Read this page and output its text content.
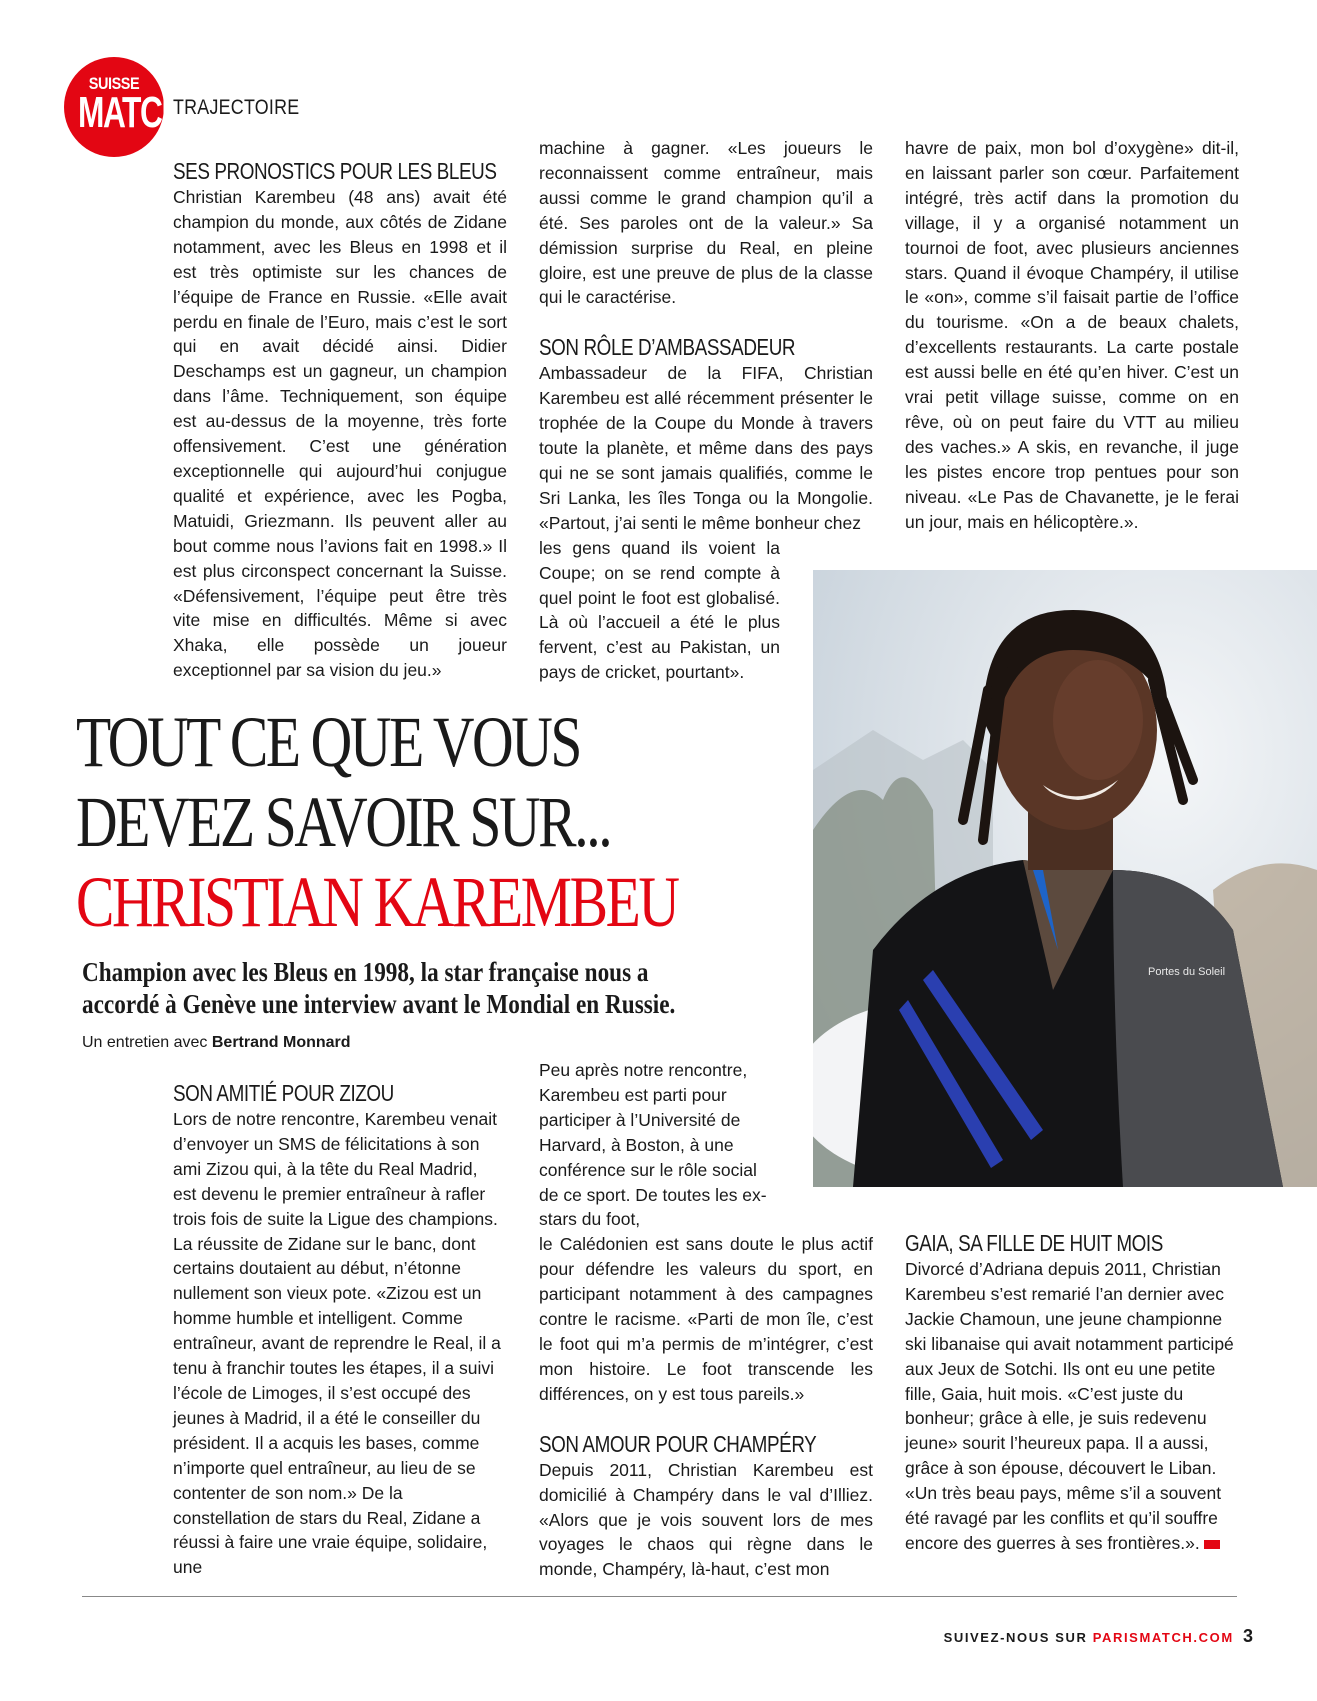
SUISSE
MATCH
TRAJECTOIRE
SES PRONOSTICS POUR LES BLEUS

Christian Karembeu (48 ans) avait été champion du monde, aux côtés de Zidane notamment, avec les Bleus en 1998 et il est très optimiste sur les chances de l’équipe de France en Russie. «Elle avait perdu en finale de l’Euro, mais c’est le sort qui en avait décidé ainsi. Didier Deschamps est un gagneur, un champion dans l’âme. Techniquement, son équipe est au-dessus de la moyenne, très forte offensivement. C’est une génération exceptionnelle qui aujourd’hui conjugue qualité et expérience, avec les Pogba, Matuidi, Griezmann. Ils peuvent aller au bout comme nous l’avions fait en 1998.» Il est plus circonspect concernant la Suisse. «Défensivement, l’équipe peut être très vite mise en difficultés. Même si avec Xhaka, elle possède un joueur exceptionnel par sa vision du jeu.»

machine à gagner. «Les joueurs le reconnaissent comme entraîneur, mais aussi comme le grand champion qu’il a été. Ses paroles ont de la valeur.» Sa démission surprise du Real, en pleine gloire, est une preuve de plus de la classe qui le caractérise.

SON RÔLE D’AMBASSADEUR

Ambassadeur de la FIFA, Christian Karembeu est allé récemment présenter le trophée de la Coupe du Monde à travers toute la planète, et même dans des pays qui ne se sont jamais qualifiés, comme le Sri Lanka, les îles Tonga ou la Mongolie. «Partout, j’ai senti le même bonheur chez

les gens quand ils voient la Coupe; on se rend compte à quel point le foot est globalisé. Là où l’accueil a été le plus fervent, c’est au Pakistan, un pays de cricket, pourtant».

havre de paix, mon bol d’oxygène» dit-il, en laissant parler son cœur. Parfaitement intégré, très actif dans la promotion du village, il y a organisé notamment un tournoi de foot, avec plusieurs anciennes stars. Quand il évoque Champéry, il utilise le «on», comme s’il faisait partie de l’office du tourisme. «On a de beaux chalets, d’excellents restaurants. La carte postale est aussi belle en été qu’en hiver. C’est un vrai petit village suisse, comme on en rêve, où on peut faire du VTT au milieu des vaches.» A skis, en revanche, il juge les pistes encore trop pentues pour son niveau. «Le Pas de Chavanette, je le ferai un jour, mais en hélicoptère.».

Portes du Soleil
TOUT CE QUE VOUS
DEVEZ SAVOIR SUR...
CHRISTIAN KAREMBEU
Champion avec les Bleus en 1998, la star française nous a
accordé à Genève une interview avant le Mondial en Russie.
Un entretien avec Bertrand Monnard
SON AMITIÉ POUR ZIZOU

Lors de notre rencontre, Karembeu venait d’envoyer un SMS de félicitations à son ami Zizou qui, à la tête du Real Madrid, est devenu le premier entraîneur à rafler trois fois de suite la Ligue des champions. La réussite de Zidane sur le banc, dont certains doutaient au début, n’étonne nullement son vieux pote. «Zizou est un homme humble et intelligent. Comme entraîneur, avant de reprendre le Real, il a tenu à franchir toutes les étapes, il a suivi l’école de Limoges, il s’est occupé des jeunes à Madrid, il a été le conseiller du président. Il a acquis les bases, comme n’importe quel entraîneur, au lieu de se contenter de son nom.» De la constellation de stars du Real, Zidane a réussi à faire une vraie équipe, solidaire, une

Peu après notre rencontre, Karembeu est parti pour participer à l’Université de Harvard, à Boston, à une conférence sur le rôle social de ce sport. De toutes les ex-stars du foot,

le Calédonien est sans doute le plus actif pour défendre les valeurs du sport, en participant notamment à des campagnes contre le racisme. «Parti de mon île, c’est le foot qui m’a permis de m’intégrer, c’est mon histoire. Le foot transcende les différences, on y est tous pareils.»

SON AMOUR POUR CHAMPÉRY

Depuis 2011, Christian Karembeu est domicilié à Champéry dans le val d’Illiez. «Alors que je vois souvent lors de mes voyages le chaos qui règne dans le monde, Champéry, là-haut, c’est mon

GAIA, SA FILLE DE HUIT MOIS

Divorcé d’Adriana depuis 2011, Christian Karembeu s’est remarié l’an dernier avec Jackie Chamoun, une jeune championne ski libanaise qui avait notamment participé aux Jeux de Sotchi. Ils ont eu une petite fille, Gaia, huit mois. «C’est juste du bonheur; grâce à elle, je suis redevenu jeune» sourit l’heureux papa. Il a aussi, grâce à son épouse, découvert le Liban. «Un très beau pays, même s’il a souvent été ravagé par les conflits et qu’il souffre encore des guerres à ses frontières.».

SUIVEZ-NOUS SUR PARISMATCH.COM 3
